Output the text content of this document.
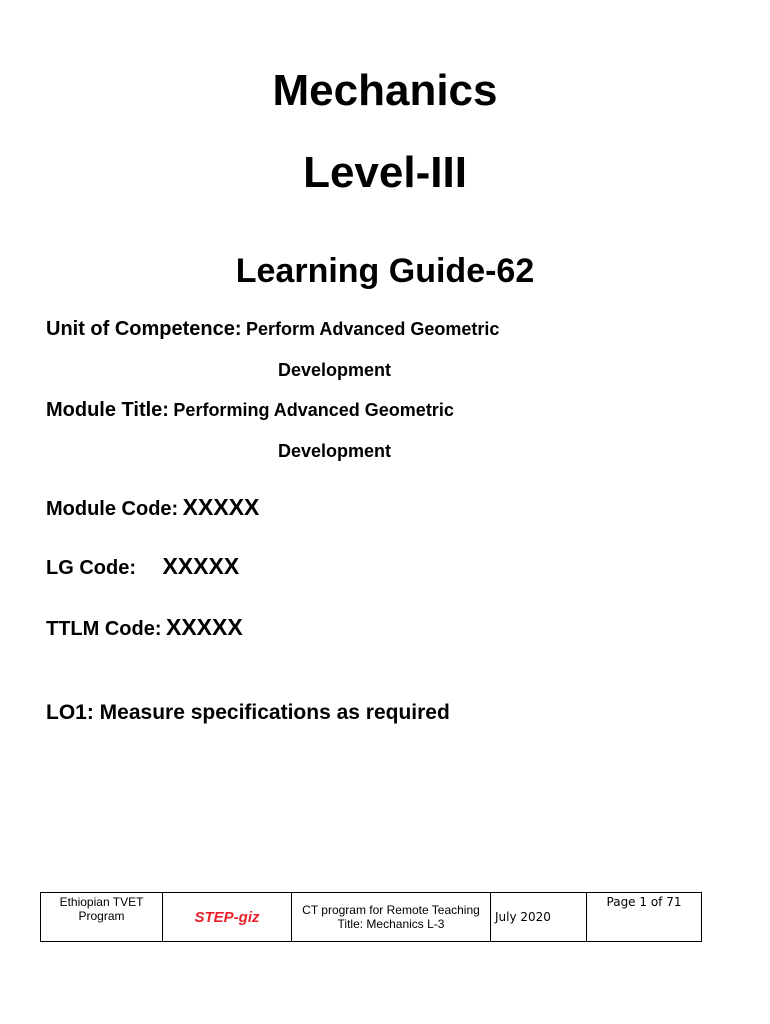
Mechanics
Level-III
Learning Guide-62
Unit of Competence: Perform Advanced Geometric
Development
Module Title: Performing Advanced Geometric
Development
Module Code: XXXXX
LG Code: XXXXX
TTLM Code: XXXXX
LO1: Measure specifications as required
Ethiopian TVET
Program	STEP-giz	CT program for Remote Teaching
Title: Mechanics L-3	July 2020	Page 1 of 71
